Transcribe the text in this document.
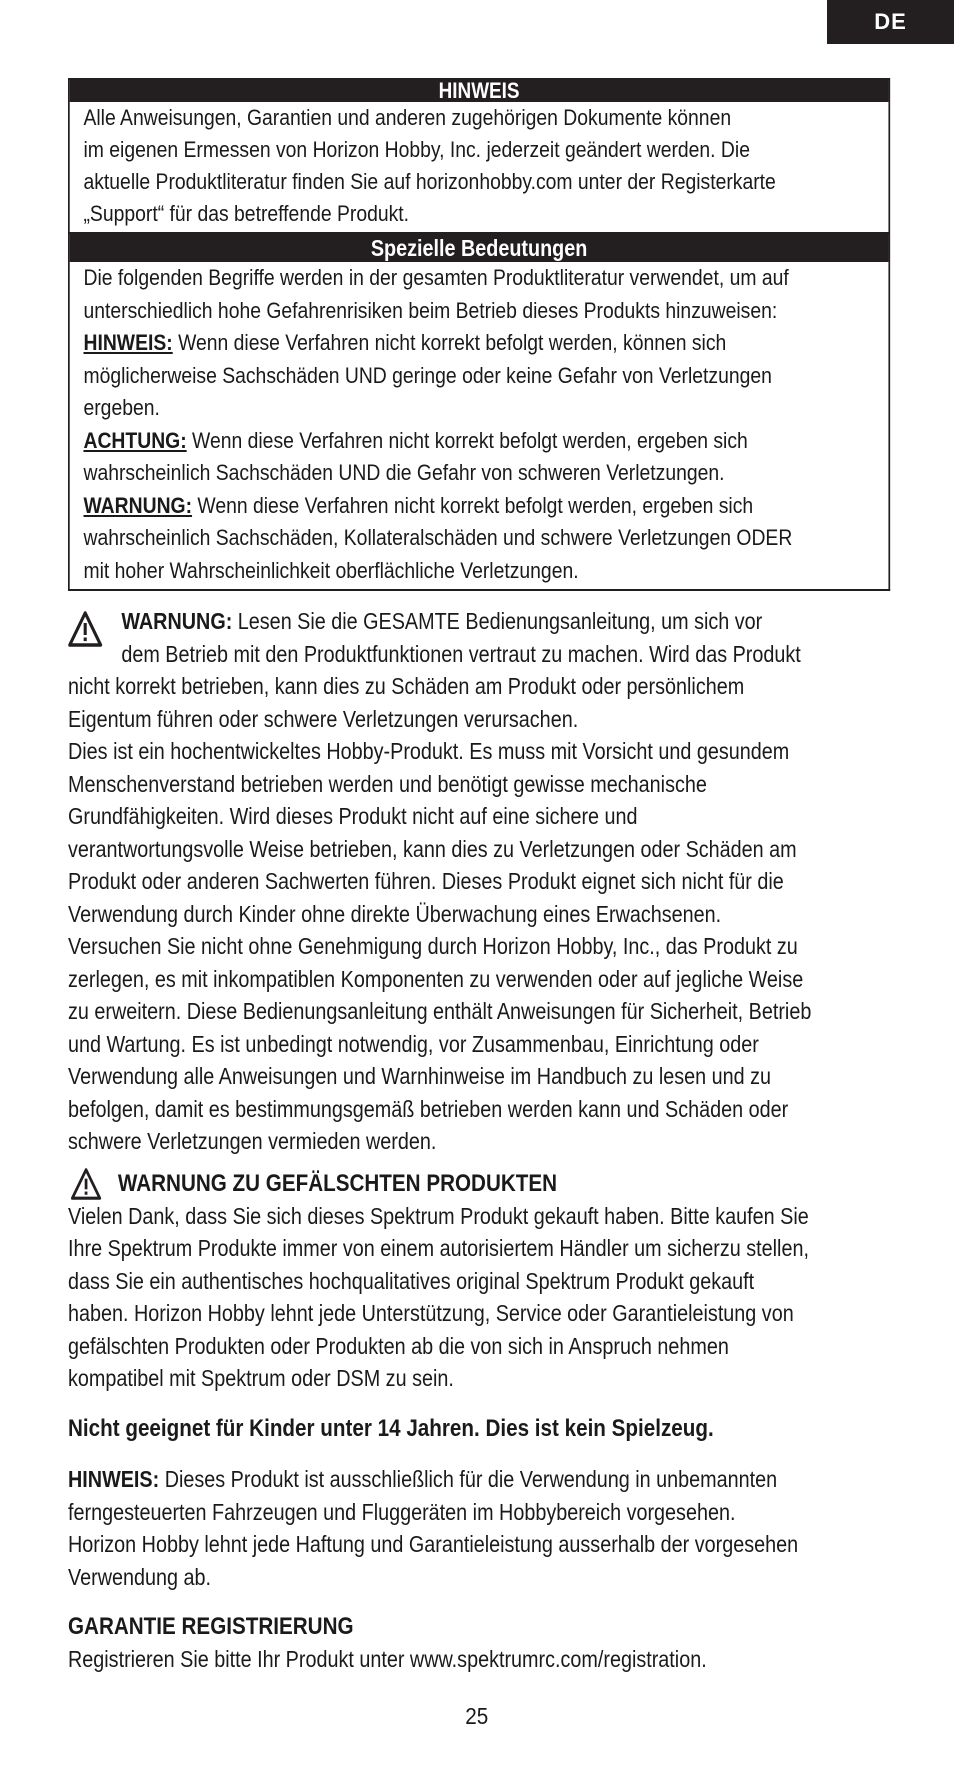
DE
HINWEIS

Alle Anweisungen, Garantien und anderen zugehörigen Dokumente können
im eigenen Ermessen von Horizon Hobby, Inc. jederzeit geändert werden. Die
aktuelle Produktliteratur finden Sie auf horizonhobby.com unter der Registerkarte
„Support“ für das betreffende Produkt.

Spezielle Bedeutungen

Die folgenden Begriffe werden in der gesamten Produktliteratur verwendet, um auf
unterschiedlich hohe Gefahrenrisiken beim Betrieb dieses Produkts hinzuweisen:
HINWEIS: Wenn diese Verfahren nicht korrekt befolgt werden, können sich
möglicherweise Sachschäden UND geringe oder keine Gefahr von Verletzungen
ergeben.
ACHTUNG: Wenn diese Verfahren nicht korrekt befolgt werden, ergeben sich
wahrscheinlich Sachschäden UND die Gefahr von schweren Verletzungen.
WARNUNG: Wenn diese Verfahren nicht korrekt befolgt werden, ergeben sich
wahrscheinlich Sachschäden, Kollateralschäden und schwere Verletzungen ODER
mit hoher Wahrscheinlichkeit oberflächliche Verletzungen.

WARNUNG: Lesen Sie die GESAMTE Bedienungsanleitung, um sich vor
dem Betrieb mit den Produktfunktionen vertraut zu machen. Wird das Produkt

nicht korrekt betrieben, kann dies zu Schäden am Produkt oder persönlichem
Eigentum führen oder schwere Verletzungen verursachen.

Dies ist ein hochentwickeltes Hobby-Produkt. Es muss mit Vorsicht und gesundem
Menschenverstand betrieben werden und benötigt gewisse mechanische
Grundfähigkeiten. Wird dieses Produkt nicht auf eine sichere und
verantwortungsvolle Weise betrieben, kann dies zu Verletzungen oder Schäden am
Produkt oder anderen Sachwerten führen. Dieses Produkt eignet sich nicht für die
Verwendung durch Kinder ohne direkte Überwachung eines Erwachsenen.
Versuchen Sie nicht ohne Genehmigung durch Horizon Hobby, Inc., das Produkt zu
zerlegen, es mit inkompatiblen Komponenten zu verwenden oder auf jegliche Weise
zu erweitern. Diese Bedienungsanleitung enthält Anweisungen für Sicherheit, Betrieb
und Wartung. Es ist unbedingt notwendig, vor Zusammenbau, Einrichtung oder
Verwendung alle Anweisungen und Warnhinweise im Handbuch zu lesen und zu
befolgen, damit es bestimmungsgemäß betrieben werden kann und Schäden oder
schwere Verletzungen vermieden werden.

WARNUNG ZU GEFÄLSCHTEN PRODUKTEN

Vielen Dank, dass Sie sich dieses Spektrum Produkt gekauft haben. Bitte kaufen Sie
Ihre Spektrum Produkte immer von einem autorisiertem Händler um sicherzu stellen,
dass Sie ein authentisches hochqualitatives original Spektrum Produkt gekauft
haben. Horizon Hobby lehnt jede Unterstützung, Service oder Garantieleistung von
gefälschten Produkten oder Produkten ab die von sich in Anspruch nehmen
kompatibel mit Spektrum oder DSM zu sein.

Nicht geeignet für Kinder unter 14 Jahren. Dies ist kein Spielzeug.

HINWEIS: Dieses Produkt ist ausschließlich für die Verwendung in unbemannten
ferngesteuerten Fahrzeugen und Fluggeräten im Hobbybereich vorgesehen.
Horizon Hobby lehnt jede Haftung und Garantieleistung ausserhalb der vorgesehen
Verwendung ab.

GARANTIE REGISTRIERUNG

Registrieren Sie bitte Ihr Produkt unter www.spektrumrc.com/registration.

25
